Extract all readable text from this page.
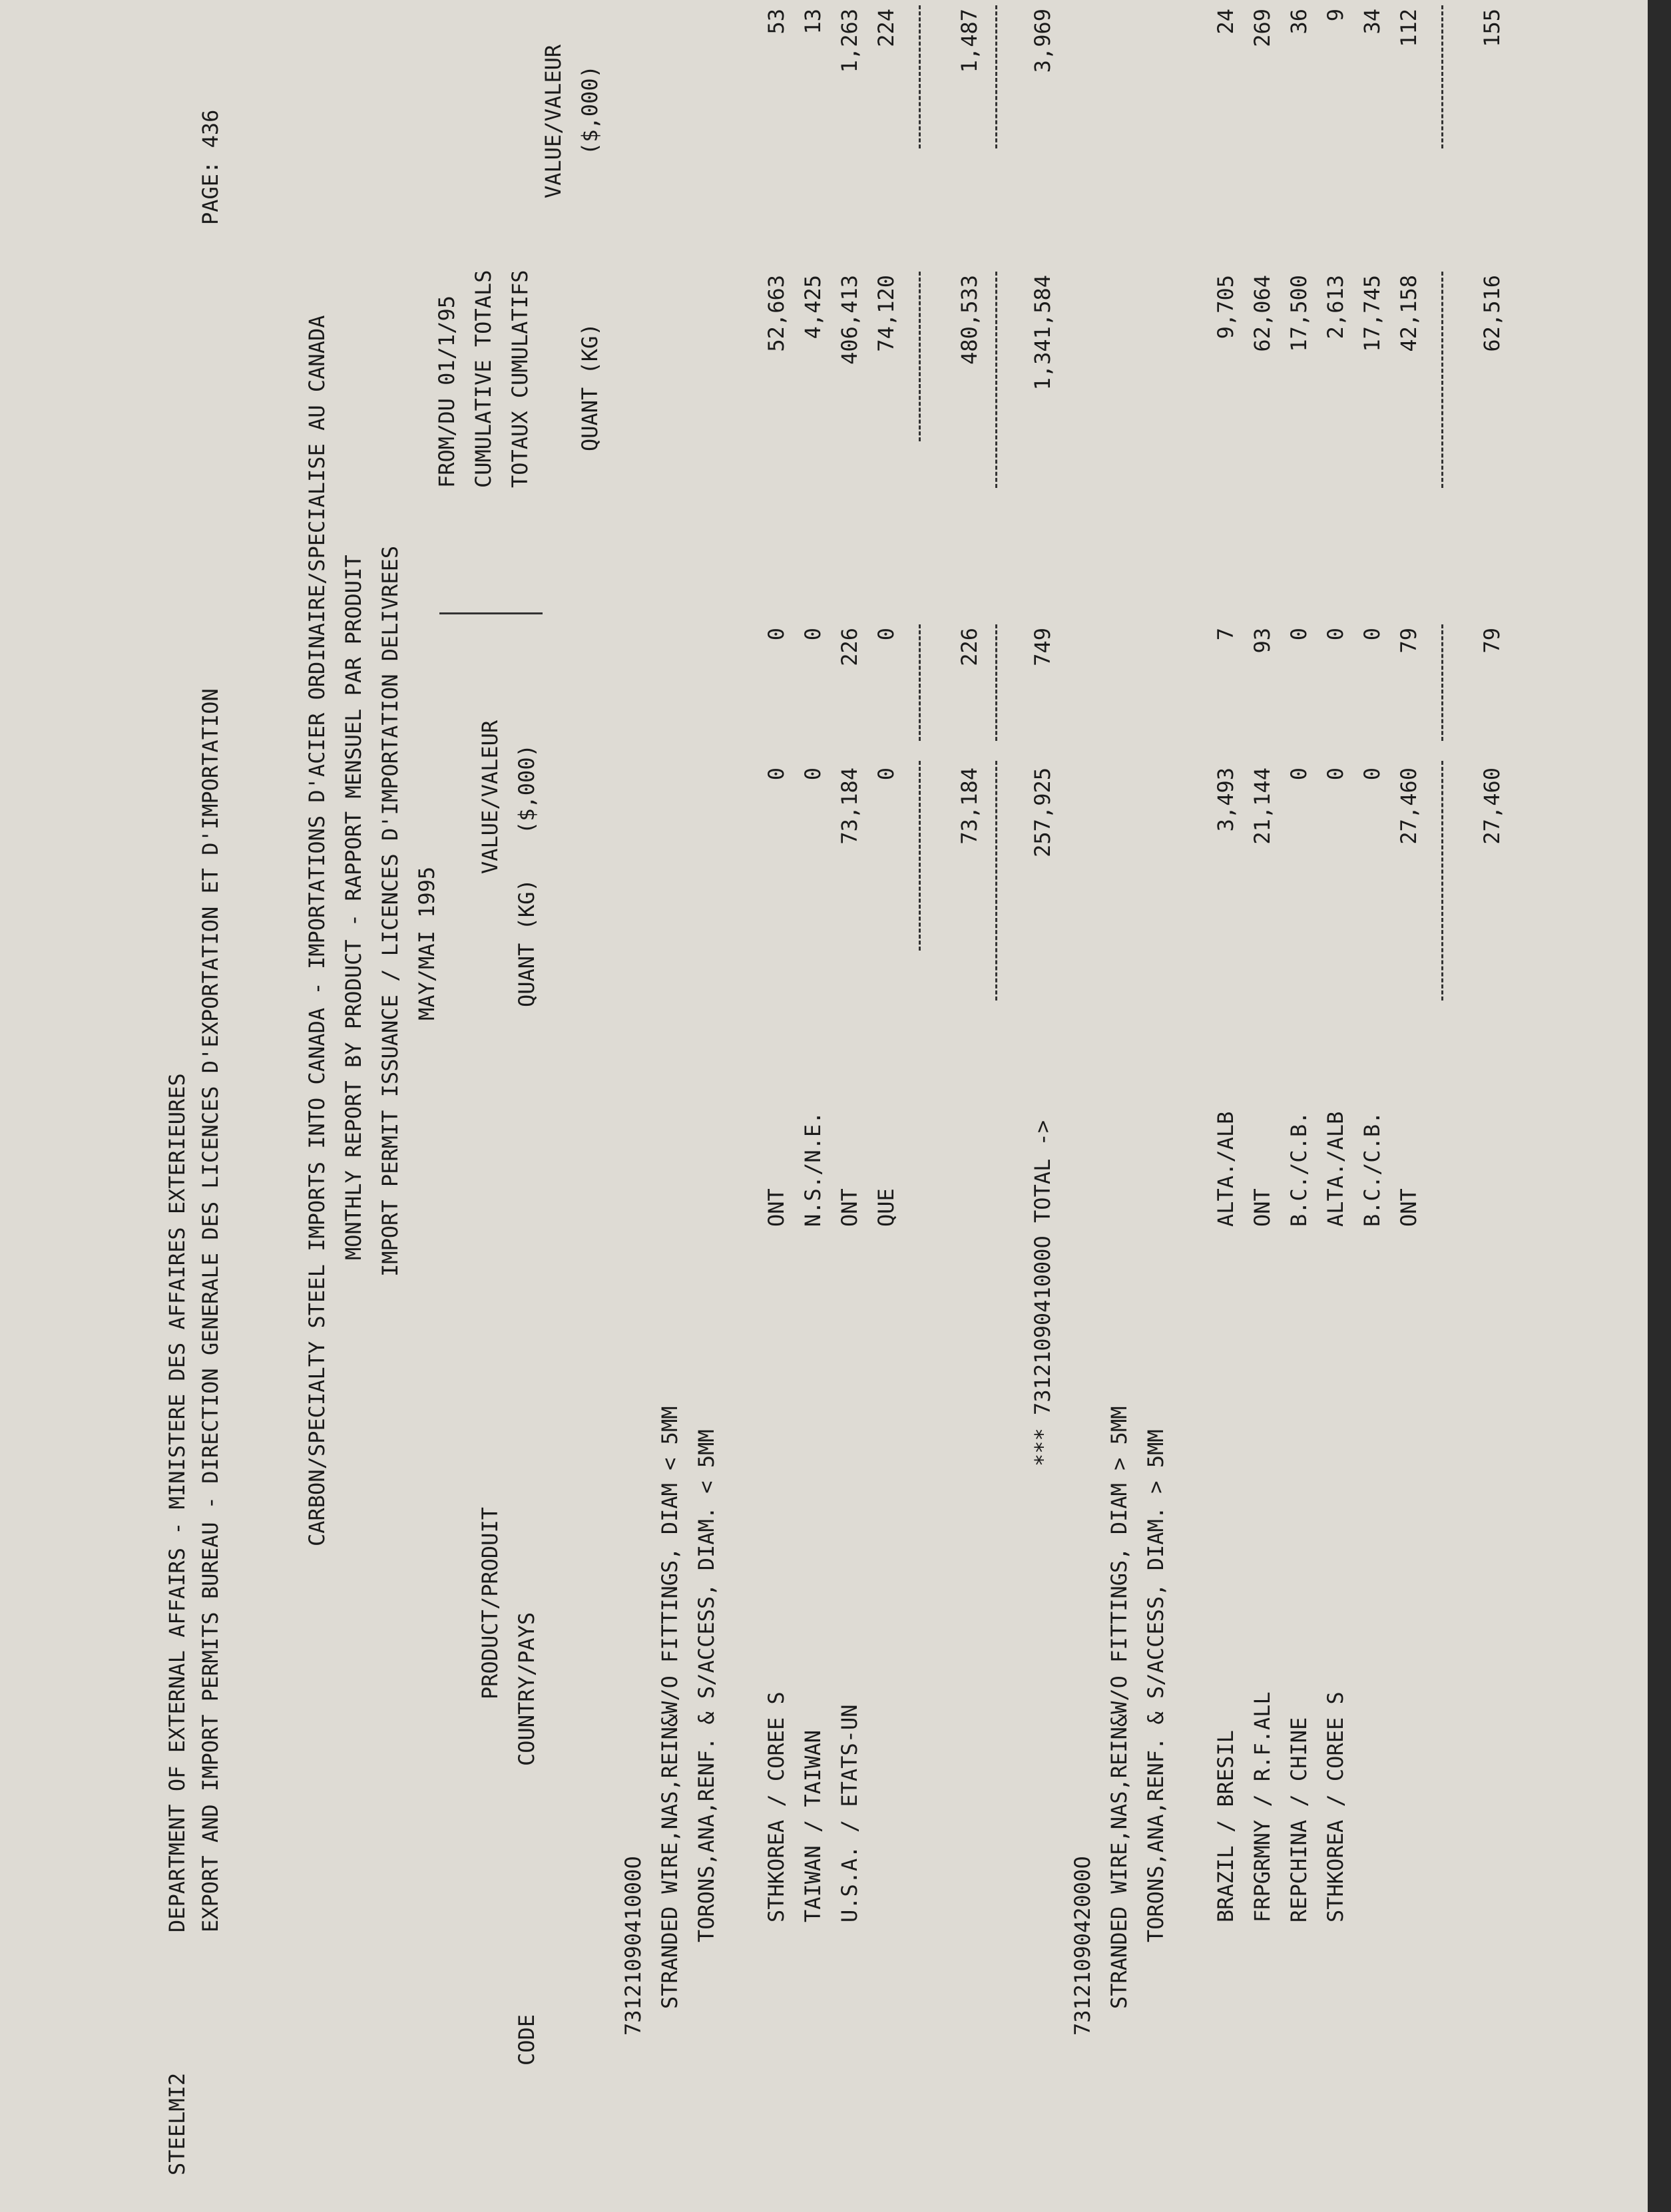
STEELMI2
DEPARTMENT OF EXTERNAL AFFAIRS - MINISTERE DES AFFAIRES EXTERIEURES
PAGE: 436
EXPORT AND IMPORT PERMITS BUREAU - DIRECTION GENERALE DES LICENCES D'EXPORTATION ET D'IMPORTATION	CARBON/SPECIALTY STEEL IMPORTS INTO CANADA - IMPORTATIONS D'ACIER ORDINAIRE/SPECIALISE AU CANADA MONTHLY REPORT BY PRODUCT - RAPPORT MENSUEL PAR PRODUIT IMPORT PERMIT ISSUANCE / LICENCES D'IMPORTATION DELIVREES MAY/MAI 1995
CODE
PRODUCT/PRODUIT COUNTRY/PAYS
VALUE/VALEUR
QUANT (KG)
($,000)
FROM/DU 01/1/95 CUMULATIVE TOTALS TOTAUX CUMULATIFS
VALUE/VALEUR
QUANT (KG)
($,000)
7312109041000O STRANDED WIRE,NAS,REIN&W/O FITTINGS, DIAM < 5MM TORONS,ANA,RENF. & S/ACCESS, DIAM. < 5MM STHKOREA / COREE S
ONT
0
0
52,663
53
TAIWAN / TAIWAN
N.S./N.E.
0
0
4,425
13
U.S.A. / ETATS-UN
ONT
73,184
226
406,413
1,263
QUE
0
0
74,120
224
73,184
226
480,533
1,487
*** 7312109041000O TOTAL ->
257,925
749
1,341,584
3,969
7312109042000O STRANDED WIRE,NAS,REIN&W/O FITTINGS, DIAM > 5MM TORONS,ANA,RENF. & S/ACCESS, DIAM. > 5MM BRAZIL / BRESIL
ALTA./ALB
3,493
7
9,705
24
FRPGRMNY / R.F.ALL
ONT
21,144
93
62,064
269
REPCHINA / CHINE
B.C./C.B.
0
0
17,500
36
STHKOREA / COREE S
ALTA./ALB
0
0
2,613
9
B.C./C.B.
0
0
17,745
34
ONT
27,460
79
42,158
112
27,460
79
62,516
155
